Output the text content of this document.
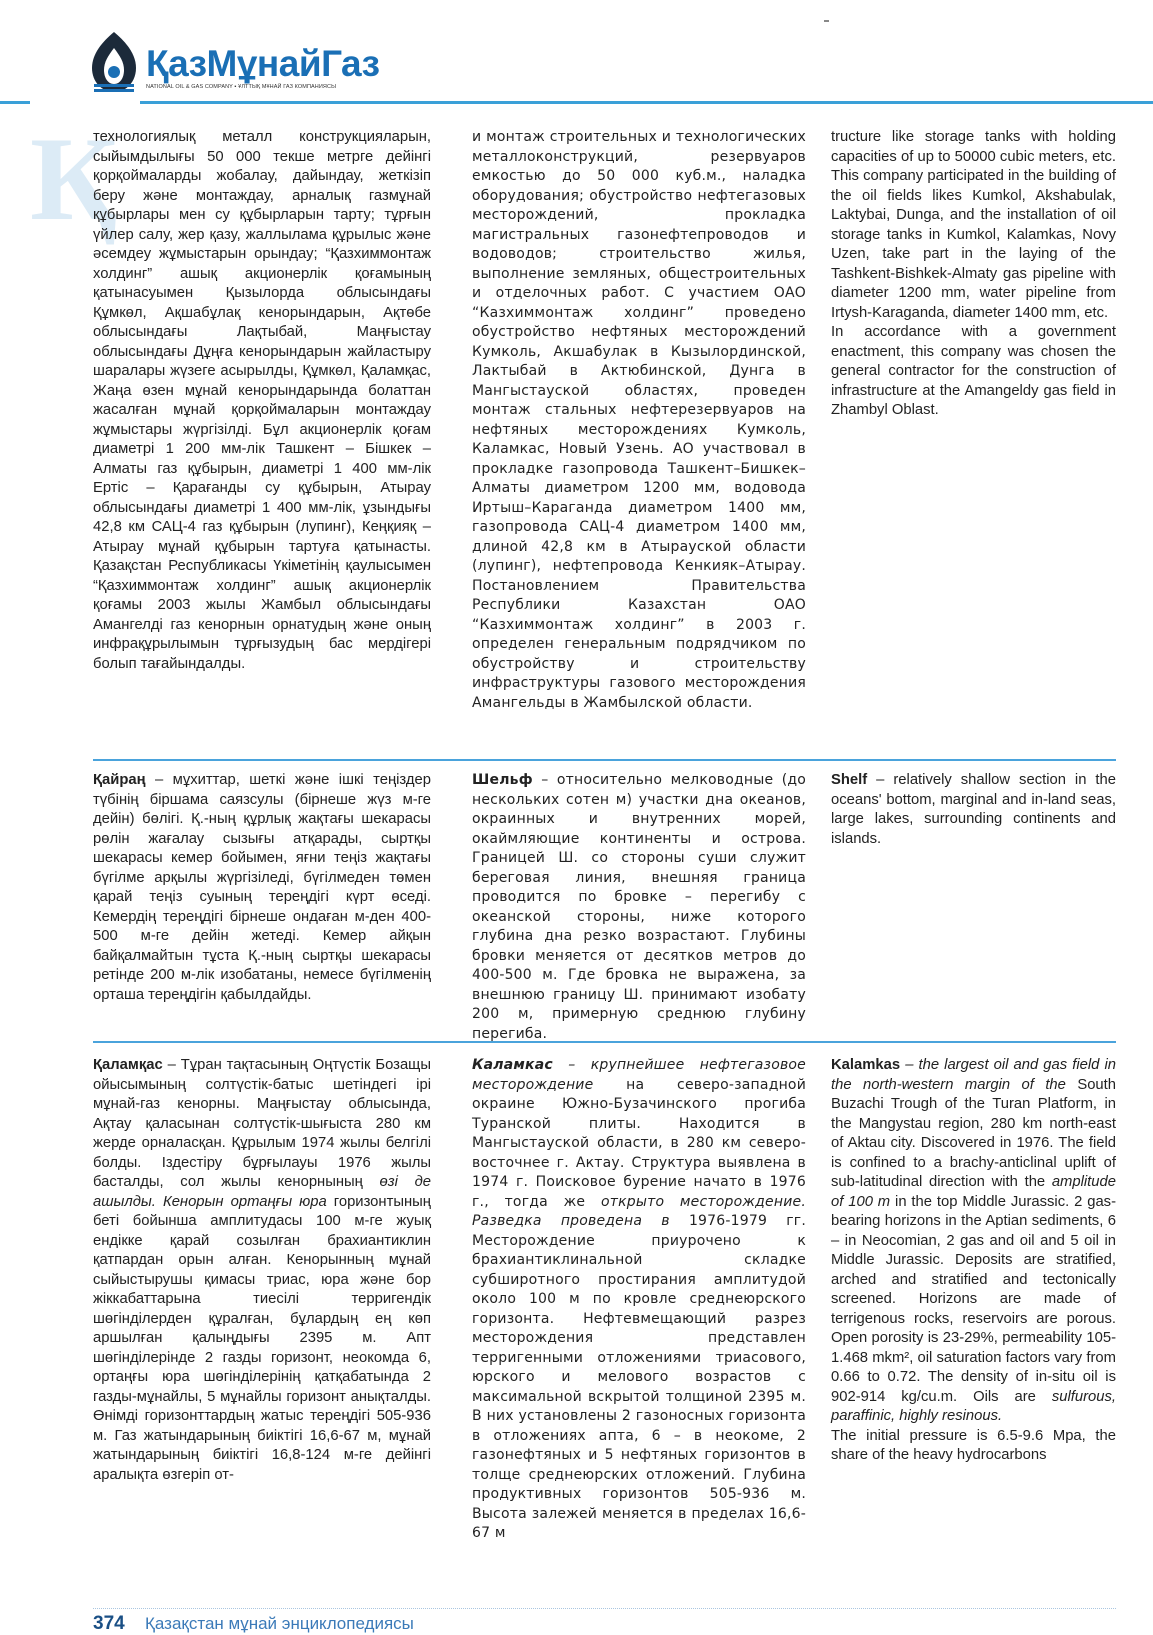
ҚазМұнайГаз
NATIONAL OIL & GAS COMPANY ▪ ҰЛТТЫҚ МҰНАЙ ГАЗ КОМПАНИЯСЫ
Қ

технологиялық металл конструкцияларын, сыйымдылығы 50 000 текше метрге дейінгі қорқоймаларды жобалау, дайындау, жеткізіп беру және монтаждау, арналық газмұнай құбырлары мен су құбырларын тарту; тұрғын үйлер салу, жер қазу, жаллылама құрылыс және әсемдеу жұмыстарын орындау; “Қазхиммонтаж холдинг” ашық акционерлік қоғамының қатынасуымен Қызылорда облысындағы Құмкөл, Ақшабұлақ кенорындарын, Ақтөбе облысындағы Лақтыбай, Маңғыстау облысындағы Дұңға кенорындарын жайластыру шаралары жүзеге асырылды, Құмкөл, Қаламқас, Жаңа өзен мұнай кенорындарында болаттан жасалған мұнай қорқоймаларын монтаждау жұмыстары жүргізілді. Бұл акционерлік қоғам диаметрі 1 200 мм-лік Ташкент – Бішкек – Алматы газ құбырын, диаметрі 1 400 мм-лік Ертіс – Қарағанды су құбырын, Атырау облысындағы диаметрі 1 400 мм-лік, ұзындығы 42,8 км САЦ-4 газ құбырын (лупинг), Кеңқияқ – Атырау мұнай құбырын тартуға қатынасты. Қазақстан Республикасы Үкіметінің қаулысымен “Қазхиммонтаж холдинг” ашық акционерлік қоғамы 2003 жылы Жамбыл облысындағы Амангелді газ кенорнын орнатудың және оның инфрақұрылымын тұрғызудың бас мердігері болып тағайындалды.

и монтаж строительных и технологических металлоконструкций, резервуаров емкостью до 50 000 куб.м., наладка оборудования; обустройство нефтегазовых месторождений, прокладка магистральных газонефтепроводов и водоводов; строительство жилья, выполнение земляных, общестроительных и отделочных работ. С участием ОАО “Казхиммонтаж холдинг” проведено обустройство нефтяных месторождений Кумколь, Акшабулак в Кызылординской, Лактыбай в Актюбинской, Дунга в Мангыстауской областях, проведен монтаж стальных нефтерезервуаров на нефтяных месторождениях Кумколь, Каламкас, Новый Узень. АО участвовал в прокладке газопровода Ташкент–Бишкек–Алматы диаметром 1200 мм, водовода Иртыш–Караганда диаметром 1400 мм, газопровода САЦ-4 диаметром 1400 мм, длиной 42,8 км в Атырауской области (лупинг), нефтепровода Кенкияк–Атырау. Постановлением Правительства Республики Казахстан ОАО “Казхиммонтаж холдинг” в 2003 г. определен генеральным подрядчиком по обустройству и строительству инфраструктуры газового месторождения Амангельды в Жамбылской области.

tructure like storage tanks with holding capacities of up to 50000 cubic meters, etc. This company participated in the building of the oil fields likes Kumkol, Akshabulak, Laktybai, Dunga, and the installation of oil storage tanks in Kumkol, Kalamkas, Novy Uzen, take part in the laying of the Tashkent-Bishkek-Almaty gas pipeline with diameter 1200 mm, water pipeline from Irtysh-Karaganda, diameter 1400 mm, etc.

In accordance with a government enactment, this company was chosen the general contractor for the construction of infrastructure at the Amangeldy gas field in Zhambyl Oblast.

Қайраң – мұхиттар, шеткі және ішкі теңіздер түбінің біршама саязсулы (бірнеше жүз м-ге дейін) бөлігі. Қ.-ның құрлық жақтағы шекарасы рөлін жағалау сызығы атқарады, сыртқы шекарасы кемер бойымен, яғни теңіз жақтағы бүгілме арқылы жүргізіледі, бүгілмеден төмен қарай теңіз суының тереңдігі күрт өседі. Кемердің тереңдігі бірнеше ондаған м-ден 400-500 м-ге дейін жетеді. Кемер айқын байқалмайтын тұста Қ.-ның сыртқы шекарасы ретінде 200 м-лік изобатаны, немесе бүгілменің орташа тереңдігін қабылдайды.

Шельф – относительно мелководные (до нескольких сотен м) участки дна океанов, окраинных и внутренних морей, окаймляющие континенты и острова. Границей Ш. со стороны суши служит береговая линия, внешняя граница проводится по бровке – перегибу с океанской стороны, ниже которого глубина дна резко возрастают. Глубины бровки меняется от десятков метров до 400-500 м. Где бровка не выражена, за внешнюю границу Ш. принимают изобату 200 м, примерную среднюю глубину перегиба.

Shelf – relatively shallow section in the oceans' bottom, marginal and in-land seas, large lakes, surrounding continents and islands.

Қаламқас – Тұран тақтасының Оңтүстік Бозащы ойысымының солтүстік-батыс шетіндегі ірі мұнай-газ кенорны. Маңғыстау облысында, Ақтау қаласынан солтүстік-шығыста 280 км жерде орналасқан. Құрылым 1974 жылы белгілі болды. Іздестіру бұрғылауы 1976 жылы басталды, сол жылы кенорнының өзі де ашылды. Кенорын ортаңғы юра горизонтының беті бойынша амплитудасы 100 м-ге жуық ендікке қарай созылған брахиантиклин қатпардан орын алған. Кенорынның мұнай сыйыстырушы қимасы триас, юра және бор жіккабаттарына тиесілі терригендік шөгінділерден құралған, бұлардың ең көп аршылған қалыңдығы 2395 м. Апт шөгінділерінде 2 газды горизонт, неокомда 6, ортаңғы юра шөгінділерінің қатқабатында 2 газды-мұнайлы, 5 мұнайлы горизонт анықталды. Өнімді горизонттардың жатыс тереңдігі 505-936 м. Газ жатындарының биіктігі 16,6-67 м, мұнай жатындарының биіктігі 16,8-124 м-ге дейінгі аралықта өзгеріп от-

Каламкас – крупнейшее нефтегазовое месторождение на северо-западной окраине Южно-Бузачинского прогиба Туранской плиты. Находится в Мангыстауской области, в 280 км северо-восточнее г. Актау. Структура выявлена в 1974 г. Поисковое бурение начато в 1976 г., тогда же открыто месторождение. Разведка проведена в 1976-1979 гг. Месторождение приурочено к брахиантиклинальной складке субширотного простирания амплитудой около 100 м по кровле среднеюрского горизонта. Нефтевмещающий разрез месторождения представлен терригенными отложениями триасового, юрского и мелового возрастов с максимальной вскрытой толщиной 2395 м. В них установлены 2 газоносных горизонта в отложениях апта, 6 – в неокоме, 2 газонефтяных и 5 нефтяных горизонтов в толще среднеюрских отложений. Глубина продуктивных горизонтов 505-936 м. Высота залежей меняется в пределах 16,6-67 м

Kalamkas – the largest oil and gas field in the north-western margin of the South Buzachi Trough of the Turan Platform, in the Mangystau region, 280 km north-east of Aktau city. Discovered in 1976. The field is confined to a brachy-anticlinal uplift of sub-latitudinal direction with the amplitude of 100 m in the top Middle Jurassic. 2 gas-bearing horizons in the Aptian sediments, 6 – in Neocomian, 2 gas and oil and 5 oil in Middle Jurassic. Deposits are stratified, arched and stratified and tectonically screened. Horizons are made of terrigenous rocks, reservoirs are porous. Open porosity is 23-29%, permeability 105-1.468 mkm², oil saturation factors vary from 0.66 to 0.72. The density of in-situ oil is 902-914 kg/cu.m. Oils are sulfurous, paraffinic, highly resinous.

The initial pressure is 6.5-9.6 Mpa, the share of the heavy hydrocarbons

374 Қазақстан мұнай энциклопедиясы
